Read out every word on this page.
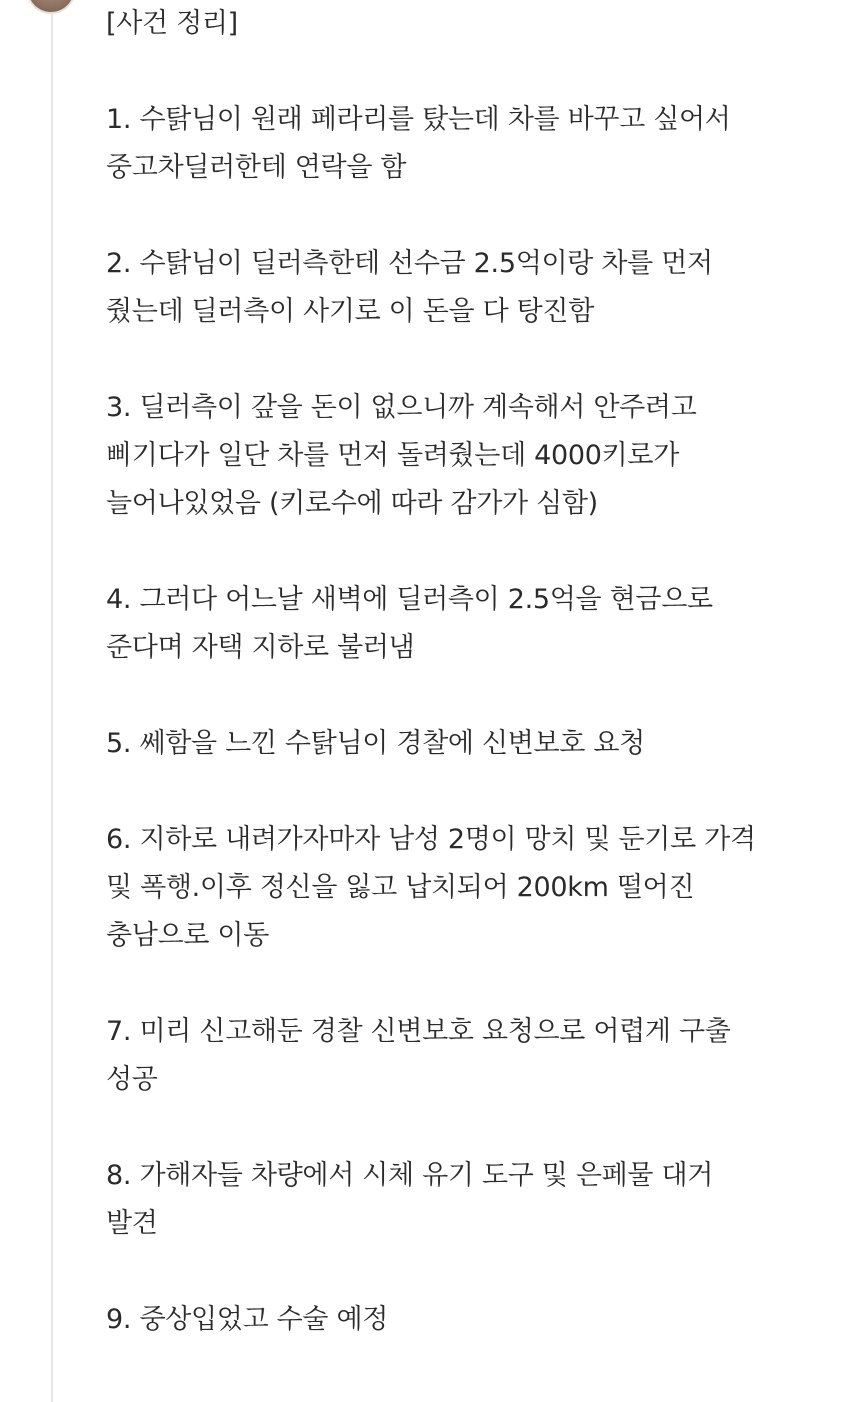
[사건 정리]

1. 수탉님이 원래 페라리를 탔는데 차를 바꾸고 싶어서
중고차딜러한테 연락을 함
2. 수탉님이 딜러측한테 선수금 2.5억이랑 차를 먼저
줬는데 딜러측이 사기로 이 돈을 다 탕진함
3. 딜러측이 갚을 돈이 없으니까 계속해서 안주려고
삐기다가 일단 차를 먼저 돌려줬는데 4000키로가
늘어나있었음 (키로수에 따라 감가가 심함)
4. 그러다 어느날 새벽에 딜러측이 2.5억을 현금으로
준다며 자택 지하로 불러냄
5. 쎄함을 느낀 수탉님이 경찰에 신변보호 요청
6. 지하로 내려가자마자 남성 2명이 망치 및 둔기로 가격
및 폭행.이후 정신을 잃고 납치되어 200km 떨어진
충남으로 이동
7. 미리 신고해둔 경찰 신변보호 요청으로 어렵게 구출
성공
8. 가해자들 차량에서 시체 유기 도구 및 은페물 대거
발견
9. 중상입었고 수술 예정
